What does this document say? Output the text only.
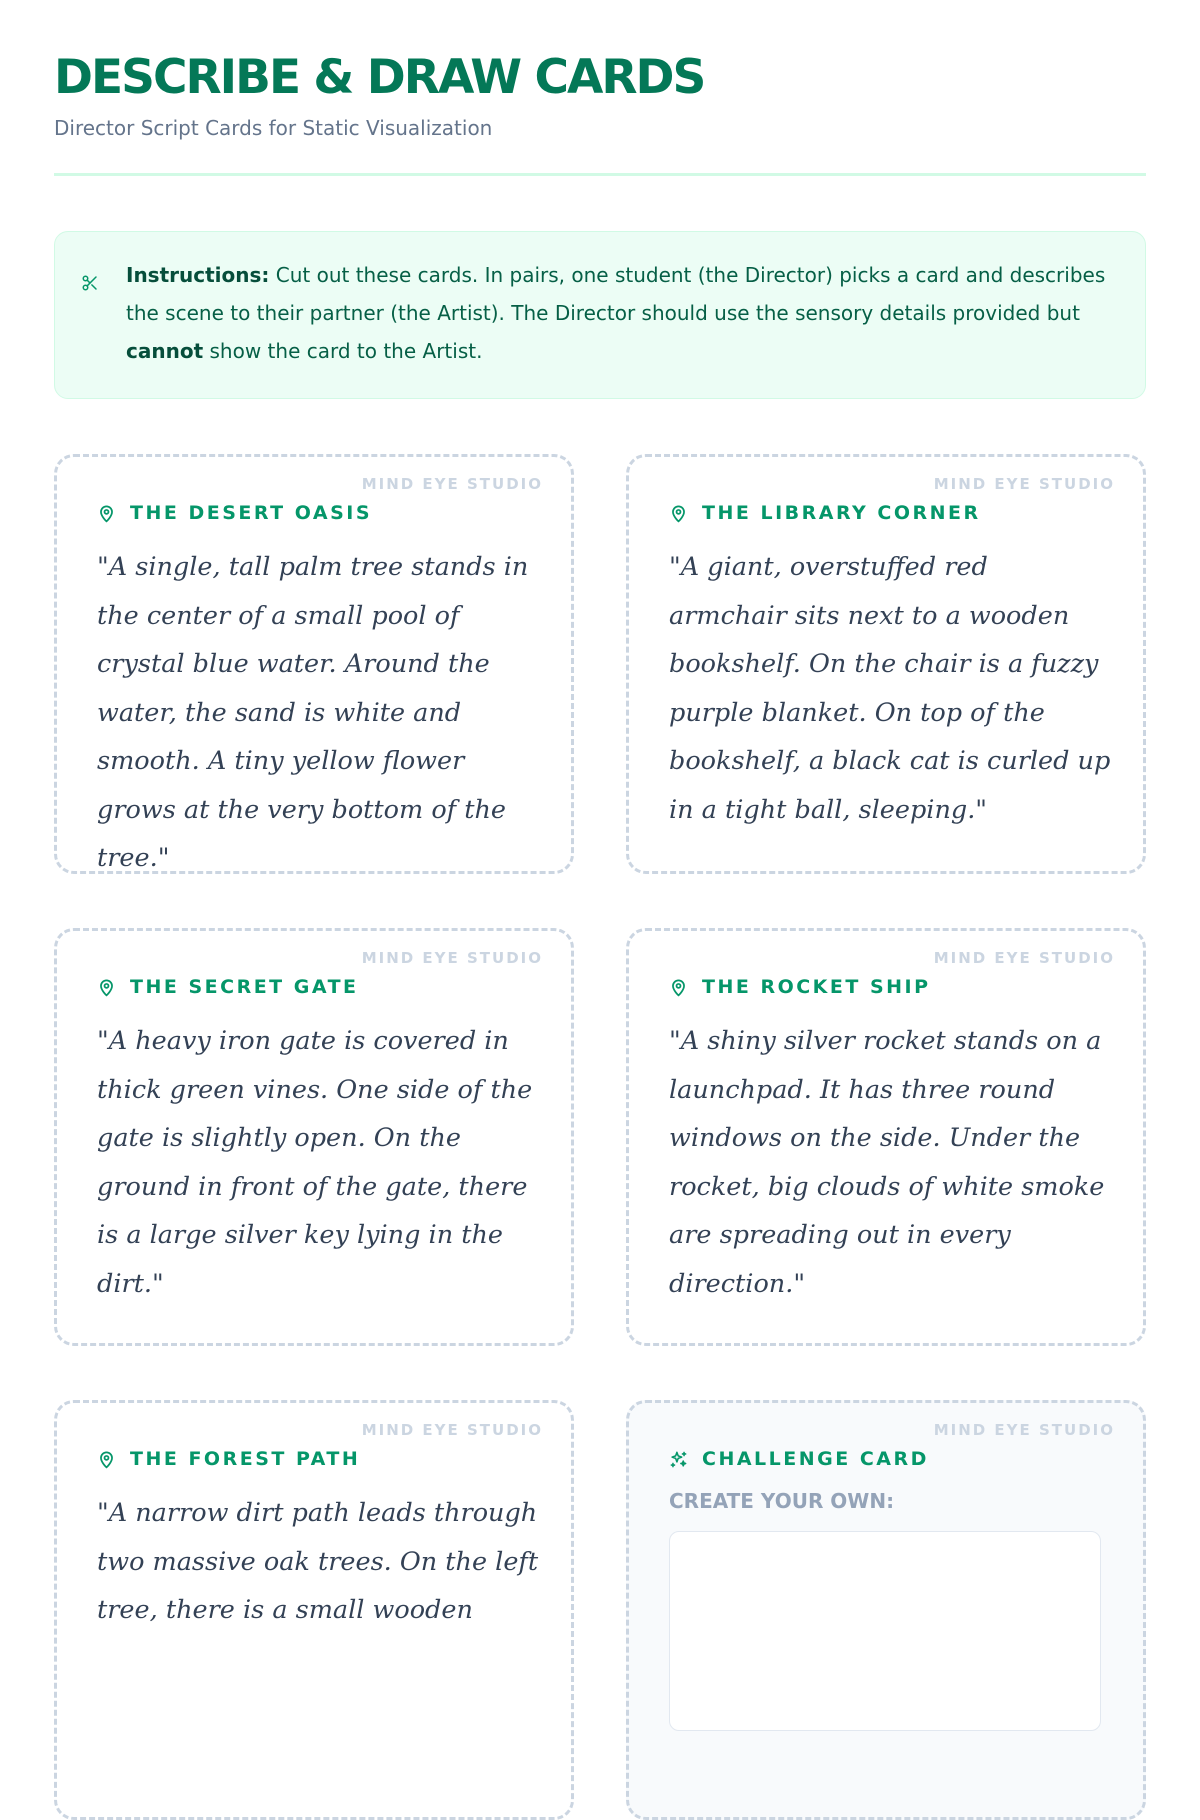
DESCRIBE & DRAW CARDS
Director Script Cards for Static Visualization
Instructions: Cut out these cards. In pairs, one student (the Director) picks a card and describes the scene to their partner (the Artist). The Director should use the sensory details provided but cannot show the card to the Artist.
MIND EYE STUDIO
THE DESERT OASIS
"A single, tall palm tree stands in the center of a small pool of crystal blue water. Around the water, the sand is white and smooth. A tiny yellow flower grows at the very bottom of the tree."
MIND EYE STUDIO
THE LIBRARY CORNER
"A giant, overstuffed red armchair sits next to a wooden bookshelf. On the chair is a fuzzy purple blanket. On top of the bookshelf, a black cat is curled up in a tight ball, sleeping."
MIND EYE STUDIO
THE SECRET GATE
"A heavy iron gate is covered in thick green vines. One side of the gate is slightly open. On the ground in front of the gate, there is a large silver key lying in the dirt."
MIND EYE STUDIO
THE ROCKET SHIP
"A shiny silver rocket stands on a launchpad. It has three round windows on the side. Under the rocket, big clouds of white smoke are spreading out in every direction."
MIND EYE STUDIO
THE FOREST PATH
"A narrow dirt path leads through two massive oak trees. On the left tree, there is a small wooden
MIND EYE STUDIO
CHALLENGE CARD
CREATE YOUR OWN:
